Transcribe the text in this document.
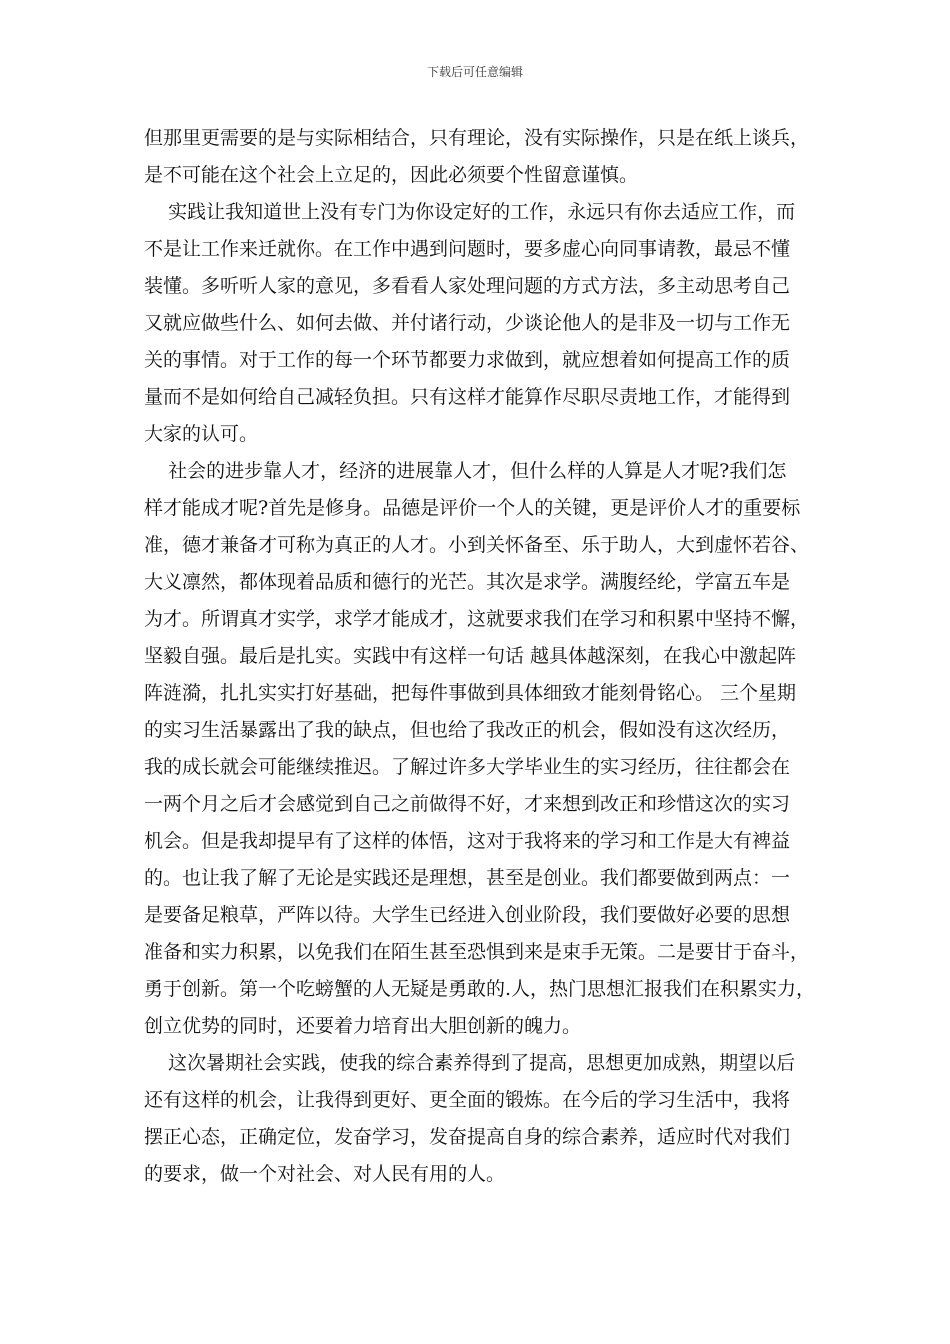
下载后可任意编辑
但那里更需要的是与实际相结合，只有理论，没有实际操作，只是在纸上谈兵，
是不可能在这个社会上立足的，因此必须要个性留意谨慎。
实践让我知道世上没有专门为你设定好的工作，永远只有你去适应工作，而
不是让工作来迁就你。在工作中遇到问题时，要多虚心向同事请教，最忌不懂
装懂。多听听人家的意见，多看看人家处理问题的方式方法，多主动思考自己
又就应做些什么、如何去做、并付诸行动，少谈论他人的是非及一切与工作无
关的事情。对于工作的每一个环节都要力求做到，就应想着如何提高工作的质
量而不是如何给自己减轻负担。只有这样才能算作尽职尽责地工作，才能得到
大家的认可。
社会的进步靠人才，经济的进展靠人才，但什么样的人算是人才呢?我们怎
样才能成才呢?首先是修身。品德是评价一个人的关键，更是评价人才的重要标
准，德才兼备才可称为真正的人才。小到关怀备至、乐于助人，大到虚怀若谷、
大义凛然，都体现着品质和德行的光芒。其次是求学。满腹经纶，学富五车是
为才。所谓真才实学，求学才能成才，这就要求我们在学习和积累中坚持不懈，
坚毅自强。最后是扎实。实践中有这样一句话 越具体越深刻，在我心中激起阵
阵涟漪，扎扎实实打好基础，把每件事做到具体细致才能刻骨铭心。 三个星期
的实习生活暴露出了我的缺点，但也给了我改正的机会，假如没有这次经历，
我的成长就会可能继续推迟。了解过许多大学毕业生的实习经历，往往都会在
一两个月之后才会感觉到自己之前做得不好，才来想到改正和珍惜这次的实习
机会。但是我却提早有了这样的体悟，这对于我将来的学习和工作是大有裨益
的。也让我了解了无论是实践还是理想，甚至是创业。我们都要做到两点：一
是要备足粮草，严阵以待。大学生已经进入创业阶段，我们要做好必要的思想
准备和实力积累，以免我们在陌生甚至恐惧到来是束手无策。二是要甘于奋斗，
勇于创新。第一个吃螃蟹的人无疑是勇敢的.人，热门思想汇报我们在积累实力，
创立优势的同时，还要着力培育出大胆创新的魄力。
这次暑期社会实践，使我的综合素养得到了提高，思想更加成熟，期望以后
还有这样的机会，让我得到更好、更全面的锻炼。在今后的学习生活中，我将
摆正心态，正确定位，发奋学习，发奋提高自身的综合素养，适应时代对我们
的要求，做一个对社会、对人民有用的人。
